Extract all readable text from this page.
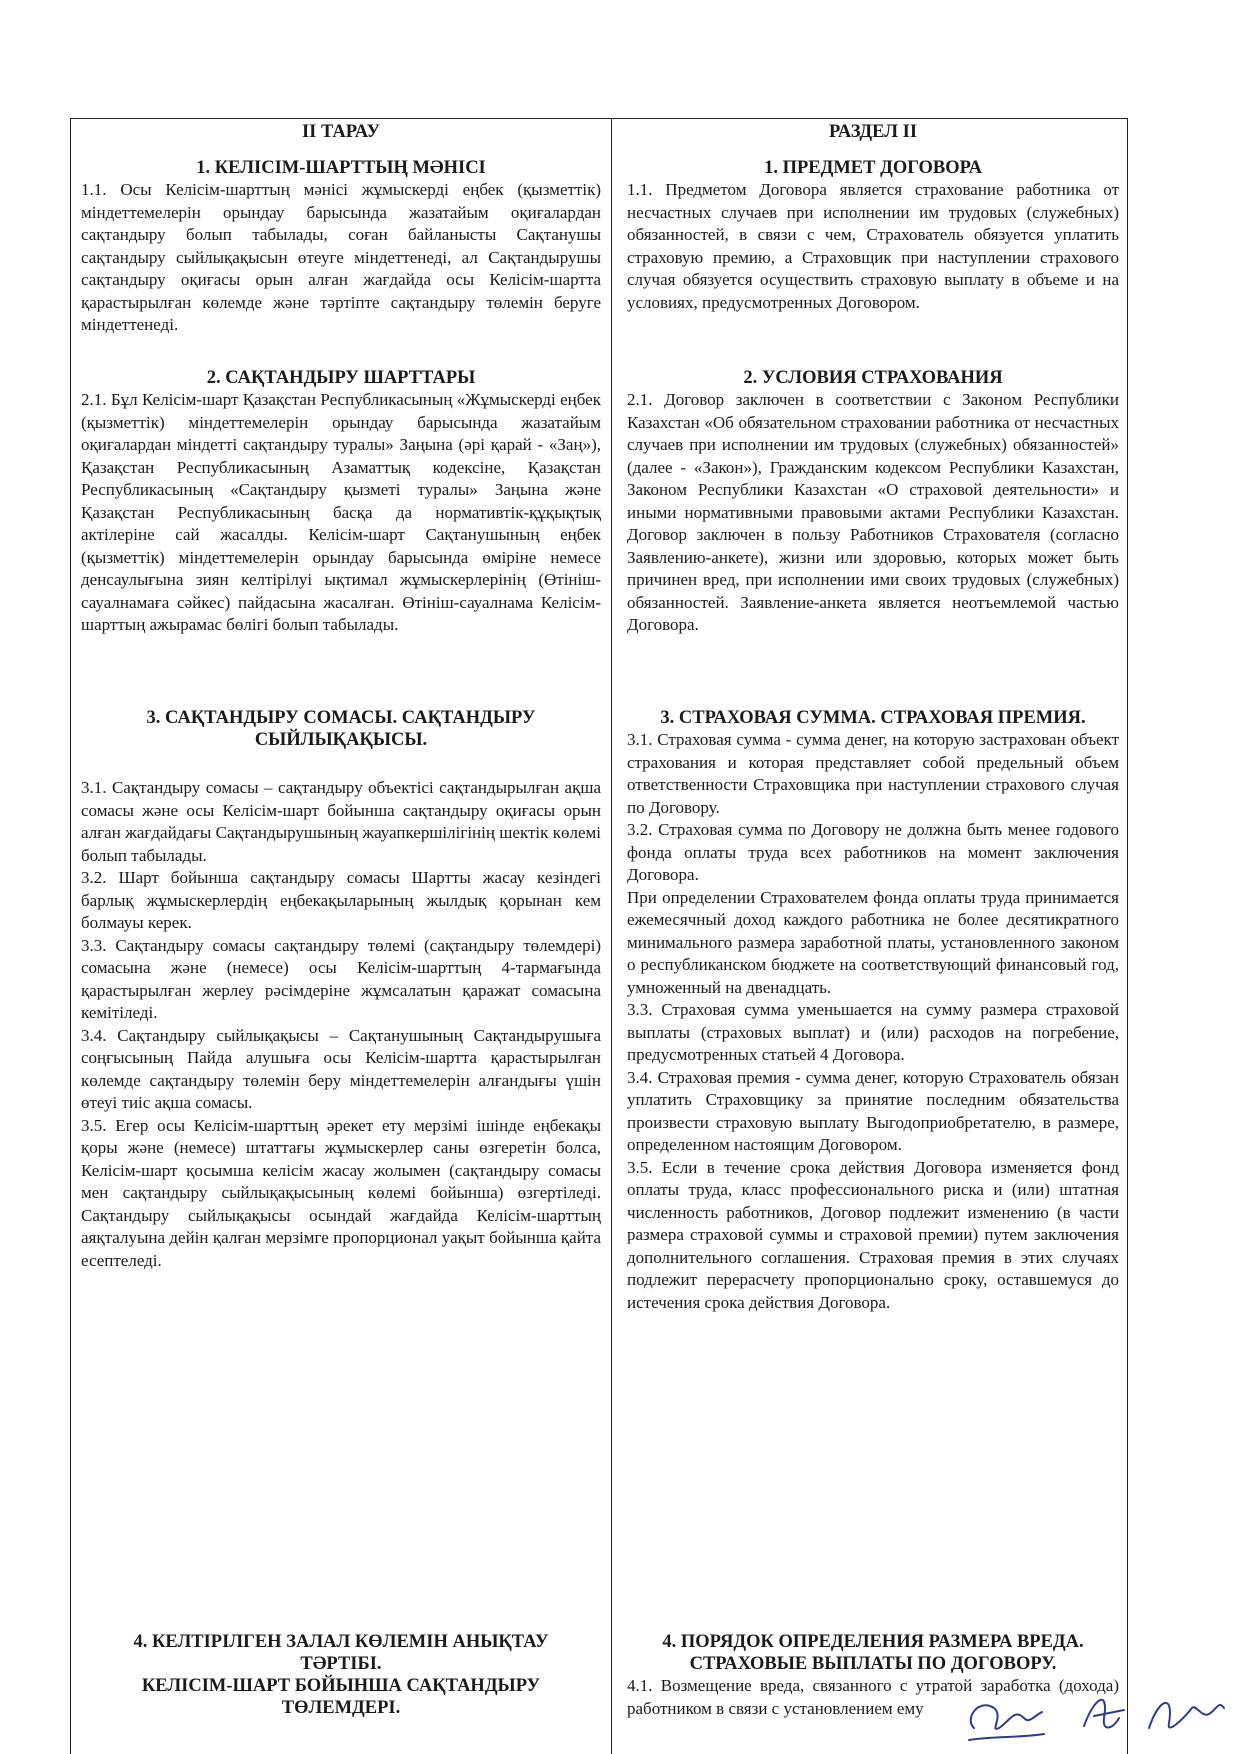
II ТАРАУ

1. КЕЛІСІМ-ШАРТТЫҢ МӘНІСІ

1.1. Осы Келісім-шарттың мәнісі жұмыскерді еңбек (қызметтік) міндеттемелерін орындау барысында жазатайым оқиғалардан сақтандыру болып табылады, соған байланысты Сақтанушы сақтандыру сыйлықақысын өтеуге міндеттенеді, ал Сақтандырушы сақтандыру оқиғасы орын алған жағдайда осы Келісім-шартта қарастырылған көлемде және тәртіпте сақтандыру төлемін беруге міндеттенеді.

2. САҚТАНДЫРУ ШАРТТАРЫ

2.1. Бұл Келісім-шарт Қазақстан Республикасының «Жұмыскерді еңбек (қызметтік) міндеттемелерін орындау барысында жазатайым оқиғалардан міндетті сақтандыру туралы» Заңына (әрі қарай - «Заң»), Қазақстан Республикасының Азаматтық кодексіне, Қазақстан Республикасының «Сақтандыру қызметі туралы» Заңына және Қазақстан Республикасының басқа да нормативтік-құқықтық актілеріне сай жасалды. Келісім-шарт Сақтанушының еңбек (қызметтік) міндеттемелерін орындау барысында өміріне немесе денсаулығына зиян келтірілуі ықтимал жұмыскерлерінің (Өтініш-сауалнамаға сәйкес) пайдасына жасалған. Өтініш-сауалнама Келісім-шарттың ажырамас бөлігі болып табылады.

3. САҚТАНДЫРУ СОМАСЫ. САҚТАНДЫРУ СЫЙЛЫҚАҚЫСЫ.

3.1. Сақтандыру сомасы – сақтандыру объектісі сақтандырылған ақша сомасы және осы Келісім-шарт бойынша сақтандыру оқиғасы орын алған жағдайдағы Сақтандырушының жауапкершілігінің шектік көлемі болып табылады.

3.2. Шарт бойынша сақтандыру сомасы Шартты жасау кезіндегі барлық жұмыскерлердің еңбекақыларының жылдық қорынан кем болмауы керек.

3.3. Сақтандыру сомасы сақтандыру төлемі (сақтандыру төлемдері) сомасына және (немесе) осы Келісім-шарттың 4-тармағында қарастырылған жерлеу рәсімдеріне жұмсалатын қаражат сомасына кемітіледі.

3.4. Сақтандыру сыйлықақысы – Сақтанушының Сақтандырушыға соңғысының Пайда алушыға осы Келісім-шартта қарастырылған көлемде сақтандыру төлемін беру міндеттемелерін алғандығы үшін өтеуі тиіс ақша сомасы.

3.5. Егер осы Келісім-шарттың әрекет ету мерзімі ішінде еңбекақы қоры және (немесе) штаттағы жұмыскерлер саны өзгеретін болса, Келісім-шарт қосымша келісім жасау жолымен (сақтандыру сомасы мен сақтандыру сыйлықақысының көлемі бойынша) өзгертіледі. Сақтандыру сыйлықақысы осындай жағдайда Келісім-шарттың аяқталуына дейін қалған мерзімге пропорционал уақыт бойынша қайта есептеледі.

4. КЕЛТІРІЛГЕН ЗАЛАЛ КӨЛЕМІН АНЫҚТАУ ТӘРТІБІ.

КЕЛІСІМ-ШАРТ БОЙЫНША САҚТАНДЫРУ ТӨЛЕМДЕРІ.

РАЗДЕЛ II

1. ПРЕДМЕТ ДОГОВОРА

1.1. Предметом Договора является страхование работника от несчастных случаев при исполнении им трудовых (служебных) обязанностей, в связи с чем, Страхователь обязуется уплатить страховую премию, а Страховщик при наступлении страхового случая обязуется осуществить страховую выплату в объеме и на условиях, предусмотренных Договором.

2. УСЛОВИЯ СТРАХОВАНИЯ

2.1. Договор заключен в соответствии с Законом Республики Казахстан «Об обязательном страховании работника от несчастных случаев при исполнении им трудовых (служебных) обязанностей» (далее - «Закон»), Гражданским кодексом Республики Казахстан, Законом Республики Казахстан «О страховой деятельности» и иными нормативными правовыми актами Республики Казахстан. Договор заключен в пользу Работников Страхователя (согласно Заявлению-анкете), жизни или здоровью, которых может быть причинен вред, при исполнении ими своих трудовых (служебных) обязанностей. Заявление-анкета является неотъемлемой частью Договора.

3. СТРАХОВАЯ СУММА. СТРАХОВАЯ ПРЕМИЯ.

3.1. Страховая сумма - сумма денег, на которую застрахован объект страхования и которая представляет собой предельный объем ответственности Страховщика при наступлении страхового случая по Договору.

3.2. Страховая сумма по Договору не должна быть менее годового фонда оплаты труда всех работников на момент заключения Договора.

При определении Страхователем фонда оплаты труда принимается ежемесячный доход каждого работника не более десятикратного минимального размера заработной платы, установленного законом о республиканском бюджете на соответствующий финансовый год, умноженный на двенадцать.

3.3. Страховая сумма уменьшается на сумму размера страховой выплаты (страховых выплат) и (или) расходов на погребение, предусмотренных статьей 4 Договора.

3.4. Страховая премия - сумма денег, которую Страхователь обязан уплатить Страховщику за принятие последним обязательства произвести страховую выплату Выгодоприобретателю, в размере, определенном настоящим Договором.

3.5. Если в течение срока действия Договора изменяется фонд оплаты труда, класс профессионального риска и (или) штатная численность работников, Договор подлежит изменению (в части размера страховой суммы и страховой премии) путем заключения дополнительного соглашения. Страховая премия в этих случаях подлежит перерасчету пропорционально сроку, оставшемуся до истечения срока действия Договора.

4. ПОРЯДОК ОПРЕДЕЛЕНИЯ РАЗМЕРА ВРЕДА. СТРАХОВЫЕ ВЫПЛАТЫ ПО ДОГОВОРУ.

4.1. Возмещение вреда, связанного с утратой заработка (дохода) работником в связи с установлением ему
